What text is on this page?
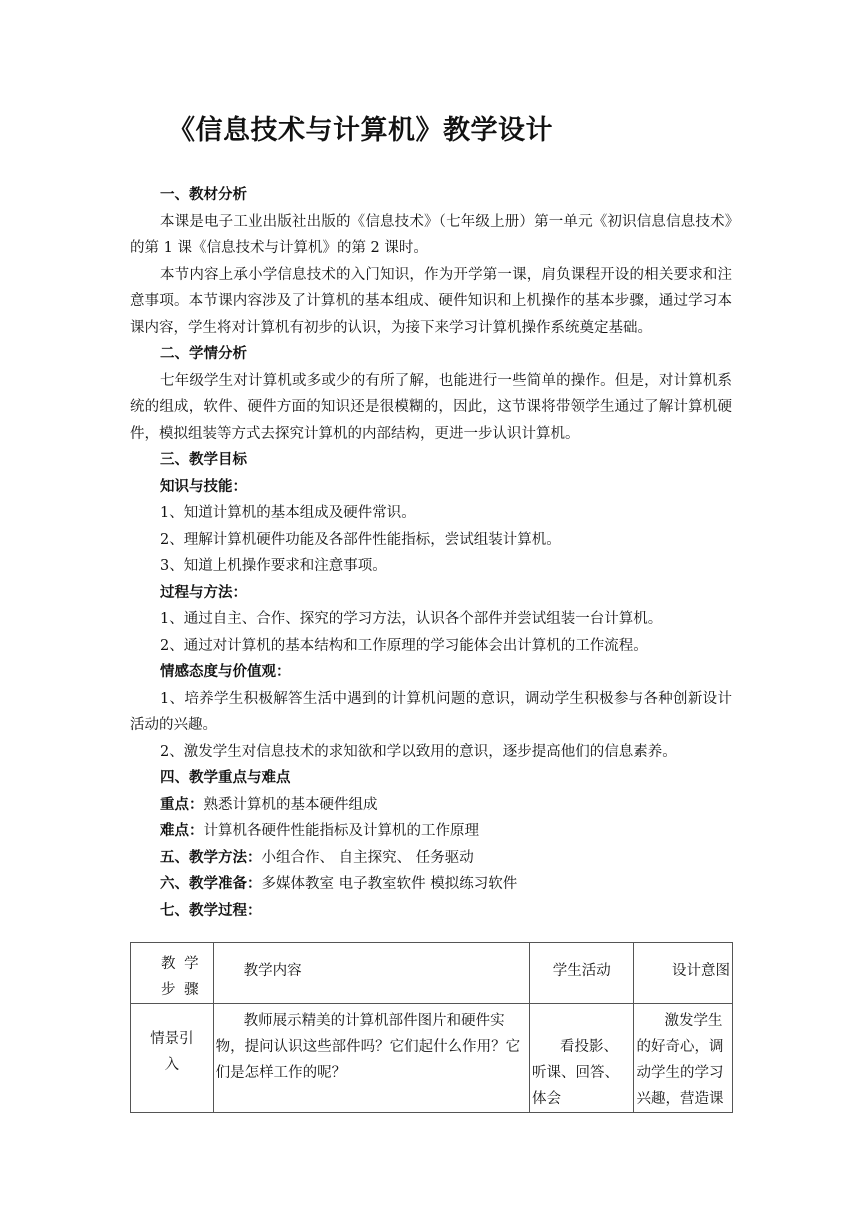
《信息技术与计算机》教学设计

一、教材分析

本课是电子工业出版社出版的《信息技术》（七年级上册）第一单元《初识信息信息技术》的第 1 课《信息技术与计算机》的第 2 课时。

本节内容上承小学信息技术的入门知识，作为开学第一课，肩负课程开设的相关要求和注意事项。本节课内容涉及了计算机的基本组成、硬件知识和上机操作的基本步骤，通过学习本课内容，学生将对计算机有初步的认识，为接下来学习计算机操作系统奠定基础。

二、学情分析

七年级学生对计算机或多或少的有所了解，也能进行一些简单的操作。但是，对计算机系统的组成，软件、硬件方面的知识还是很模糊的，因此，这节课将带领学生通过了解计算机硬件，模拟组装等方式去探究计算机的内部结构，更进一步认识计算机。

三、教学目标

知识与技能：

1、知道计算机的基本组成及硬件常识。

2、理解计算机硬件功能及各部件性能指标，尝试组装计算机。

3、知道上机操作要求和注意事项。

过程与方法：

1、通过自主、合作、探究的学习方法，认识各个部件并尝试组装一台计算机。

2、通过对计算机的基本结构和工作原理的学习能体会出计算机的工作流程。

情感态度与价值观：

1、培养学生积极解答生活中遇到的计算机问题的意识，调动学生积极参与各种创新设计活动的兴趣。

2、激发学生对信息技术的求知欲和学以致用的意识，逐步提高他们的信息素养。

四、教学重点与难点

重点：熟悉计算机的基本硬件组成

难点：计算机各硬件性能指标及计算机的工作原理

五、教学方法：小组合作、 自主探究、 任务驱动

六、教学准备：多媒体教室 电子教室软件 模拟练习软件

七、教学过程：

教 学 步 骤	教学内容	学生活动	设计意图

情景引入	教师展示精美的计算机部件图片和硬件实物，提问认识这些部件吗？它们起什么作用？它们是怎样工作的呢？	看投影、听课、回答、体会	激发学生的好奇心，调动学生的学习兴趣，营造课
